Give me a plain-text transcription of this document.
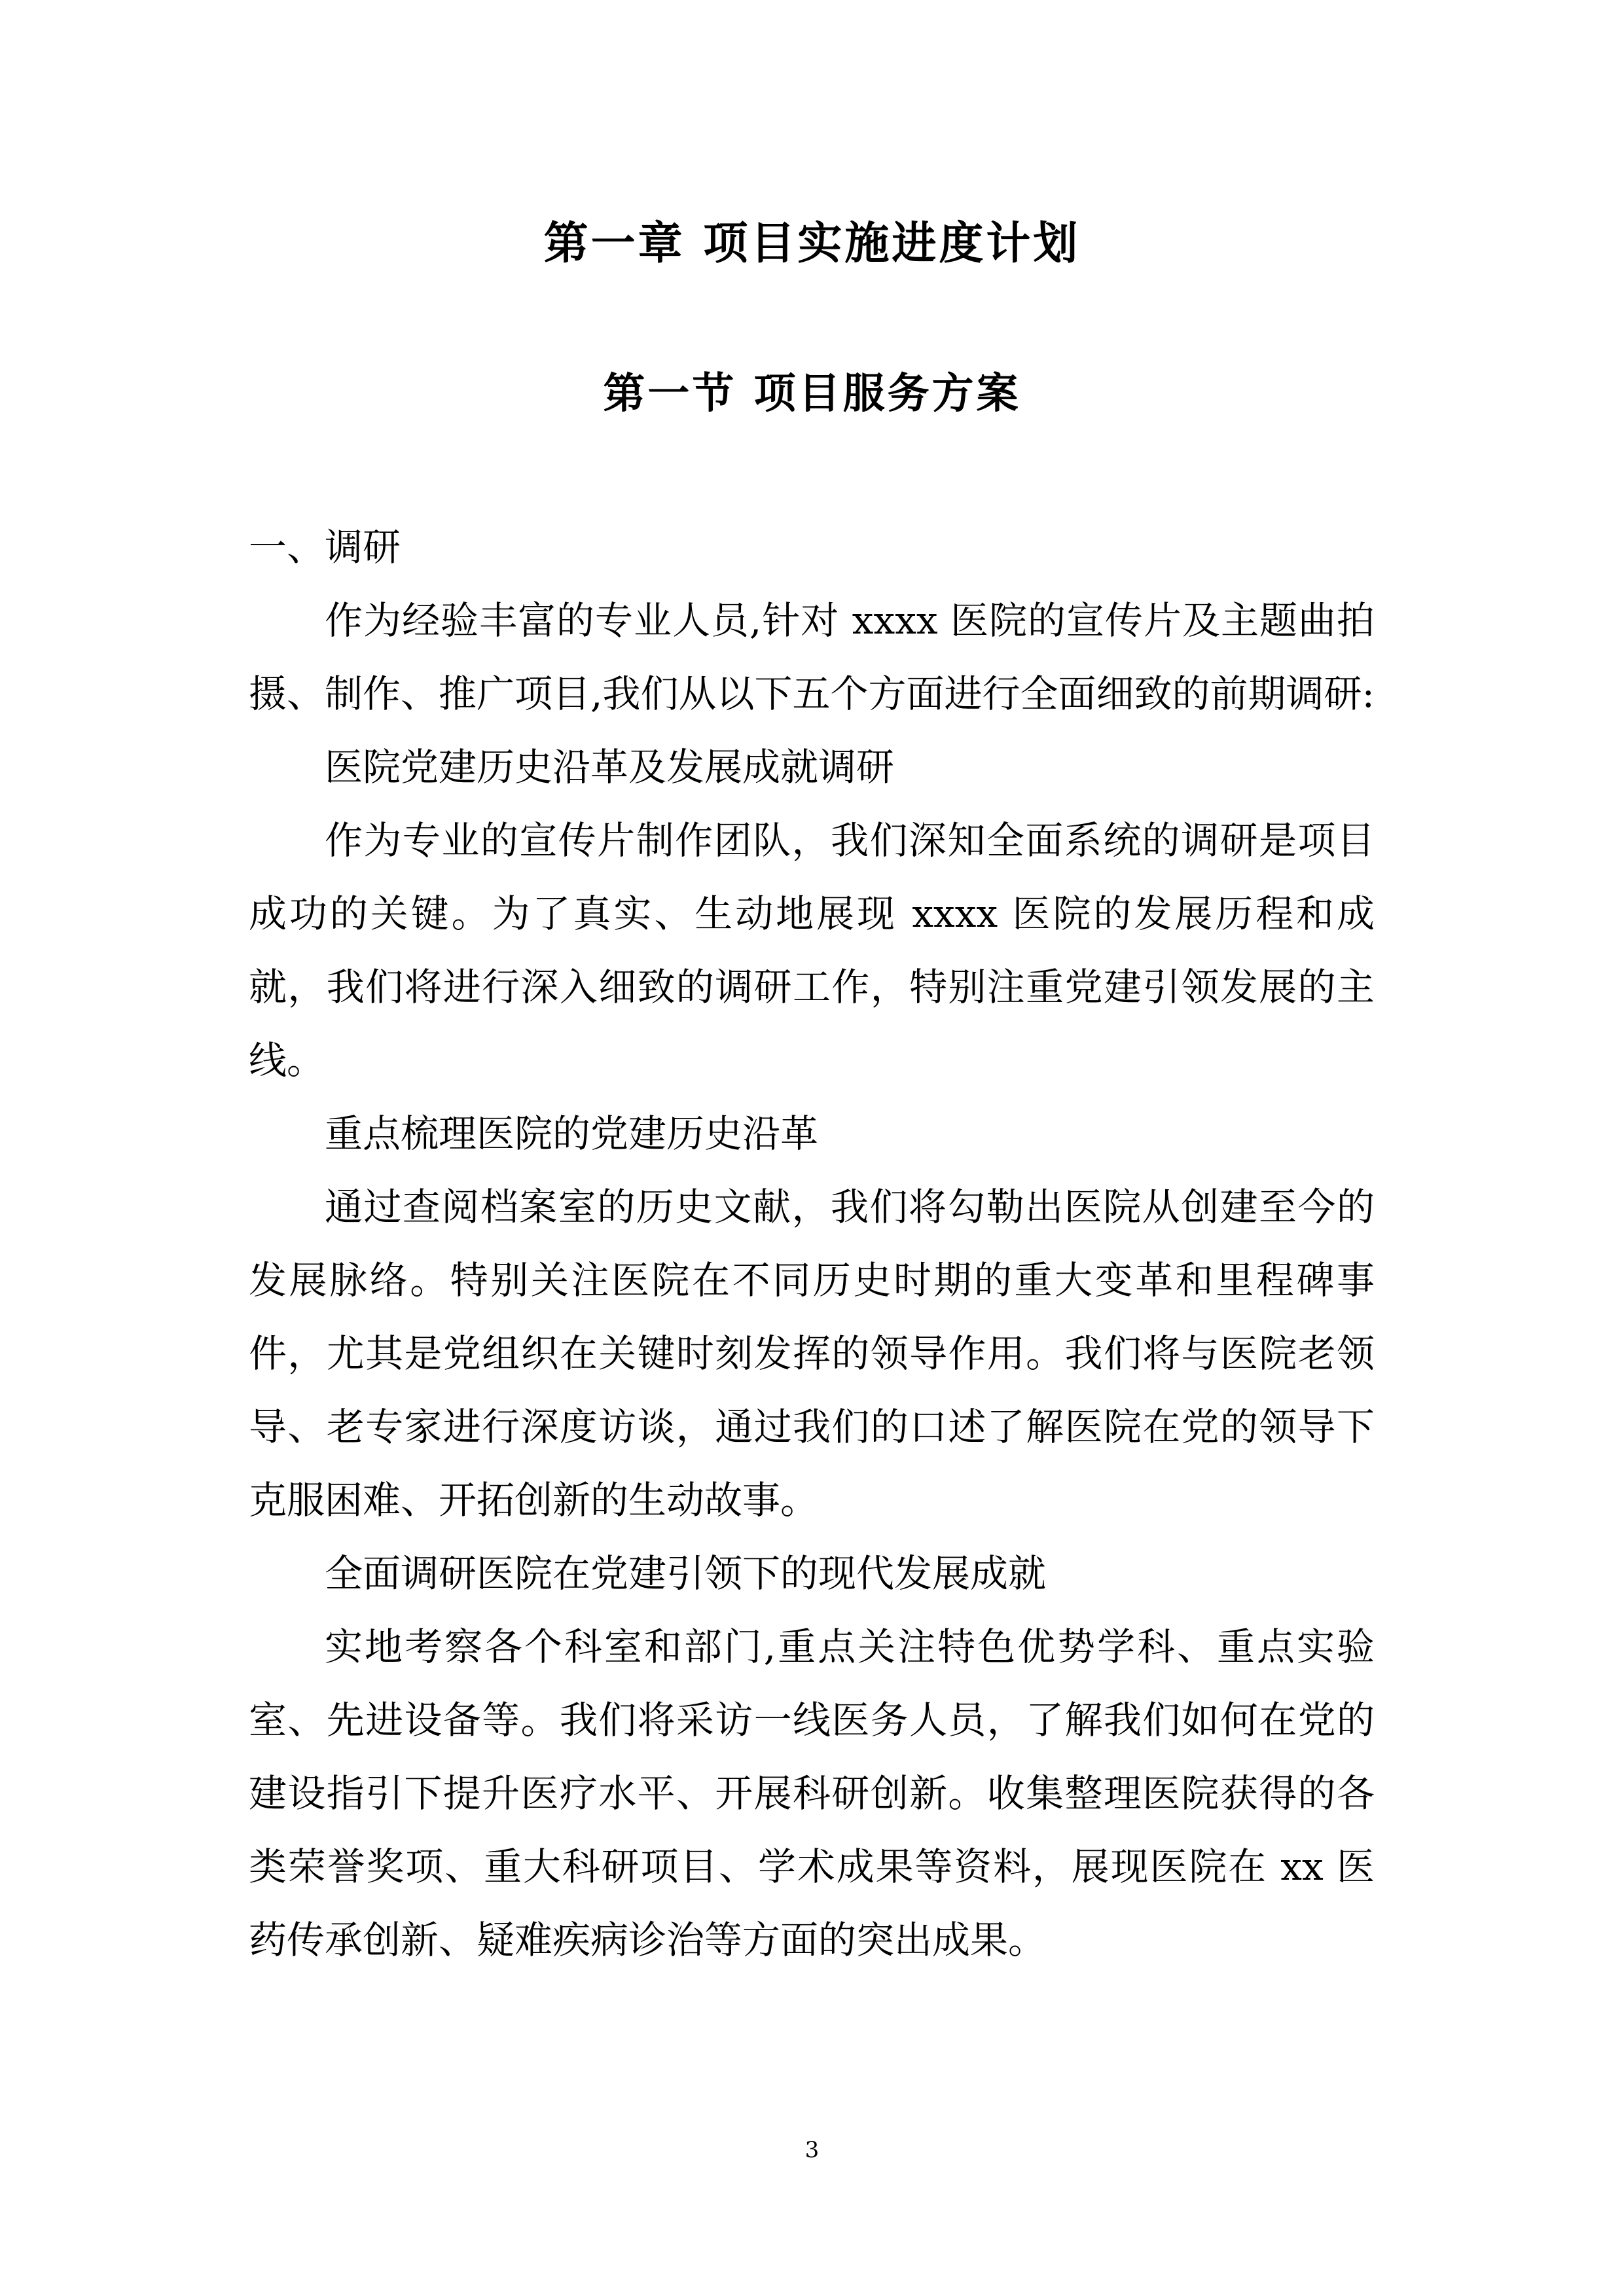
第一章 项目实施进度计划
第一节 项目服务方案

一、调研

作为经验丰富的专业人员,针对 xxxx 医院的宣传片及主题曲拍摄、制作、推广项目,我们从以下五个方面进行全面细致的前期调研:

医院党建历史沿革及发展成就调研

作为专业的宣传片制作团队，我们深知全面系统的调研是项目成功的关键。为了真实、生动地展现 xxxx 医院的发展历程和成就，我们将进行深入细致的调研工作，特别注重党建引领发展的主线。

重点梳理医院的党建历史沿革

通过查阅档案室的历史文献，我们将勾勒出医院从创建至今的发展脉络。特别关注医院在不同历史时期的重大变革和里程碑事件，尤其是党组织在关键时刻发挥的领导作用。我们将与医院老领导、老专家进行深度访谈，通过我们的口述了解医院在党的领导下克服困难、开拓创新的生动故事。

全面调研医院在党建引领下的现代发展成就

实地考察各个科室和部门,重点关注特色优势学科、重点实验室、先进设备等。我们将采访一线医务人员，了解我们如何在党的建设指引下提升医疗水平、开展科研创新。收集整理医院获得的各类荣誉奖项、重大科研项目、学术成果等资料，展现医院在 xx 医药传承创新、疑难疾病诊治等方面的突出成果。

3
